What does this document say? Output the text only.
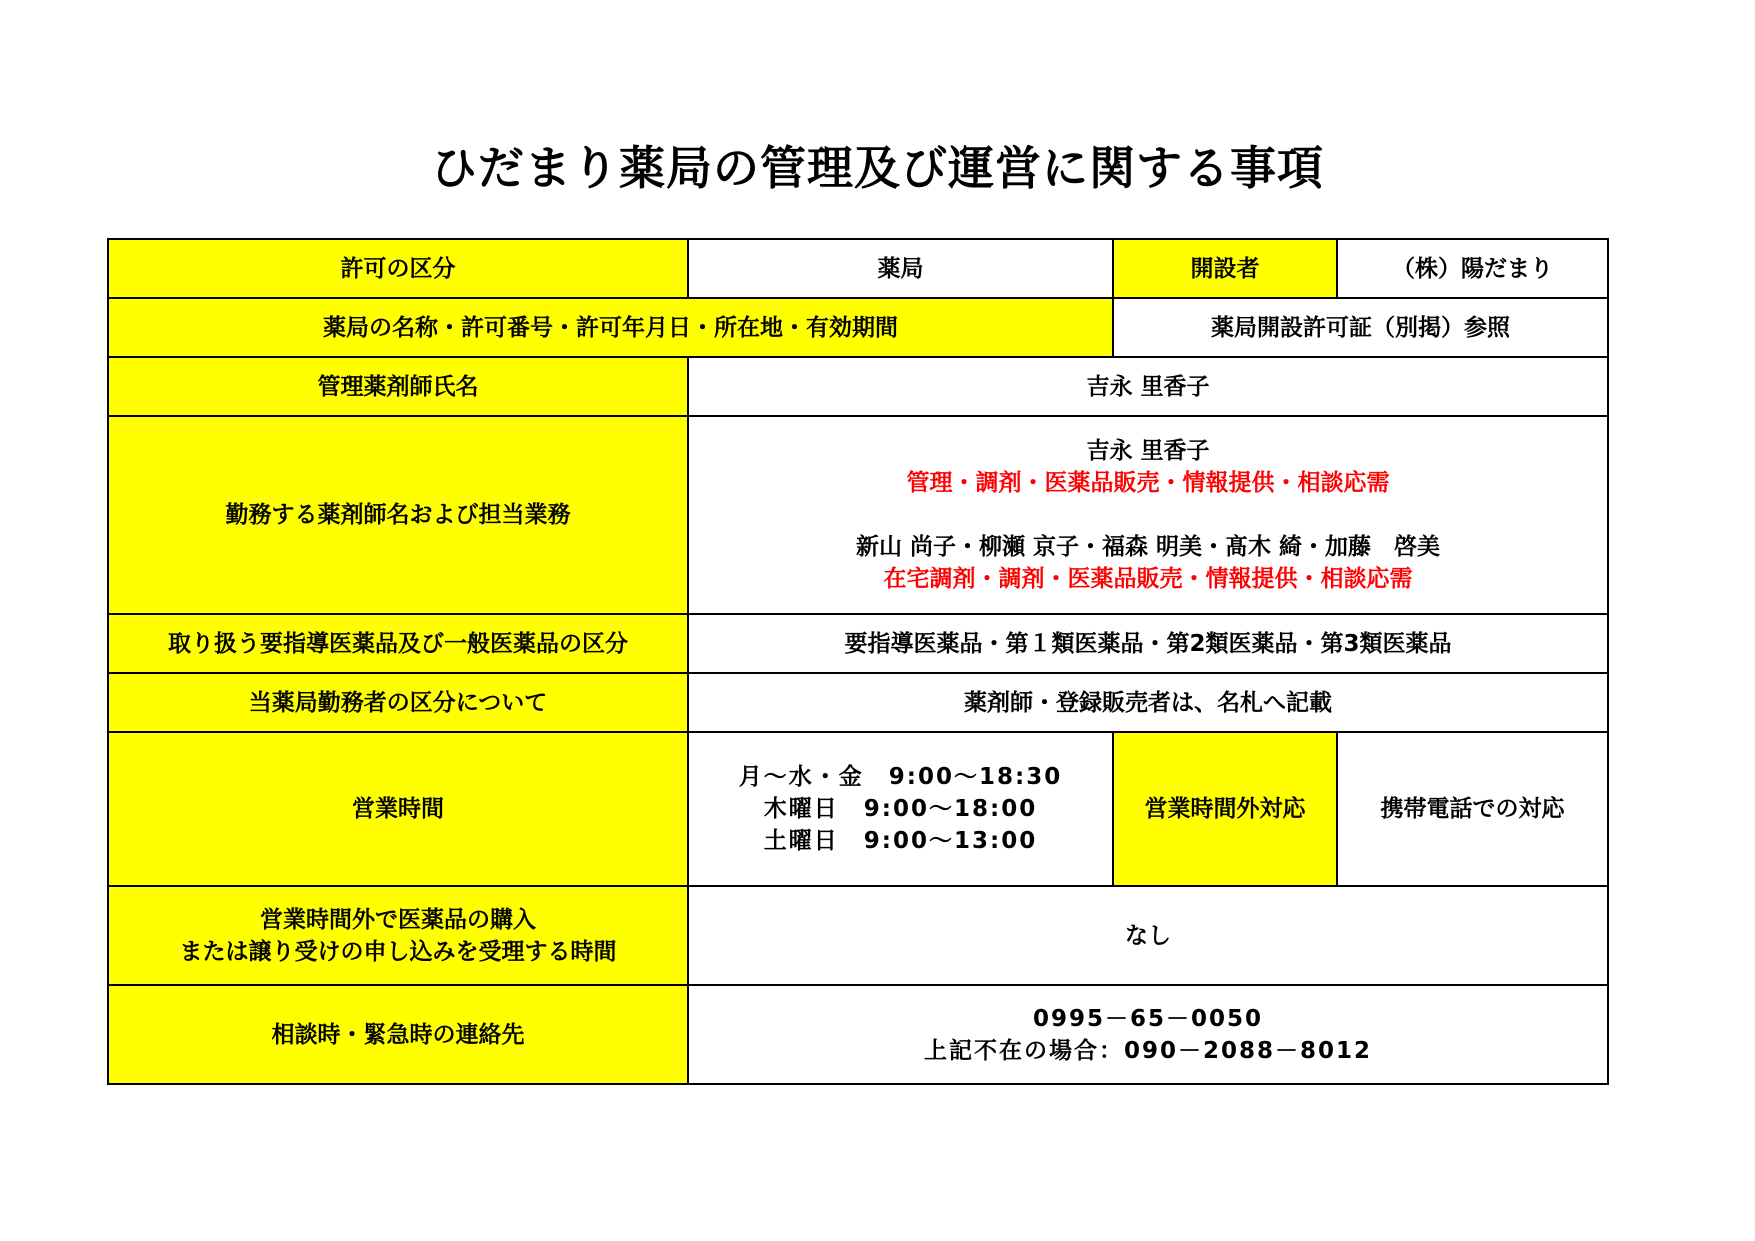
ひだまり薬局の管理及び運営に関する事項
許可の区分	薬局	開設者	（株）陽だまり
薬局の名称・許可番号・許可年月日・所在地・有効期間		薬局開設許可証（別掲）参照	
管理薬剤師氏名	吉永 里香子		
勤務する薬剤師名および担当業務	吉永 里香子
管理・調剤・医薬品販売・情報提供・相談応需
新山 尚子・柳瀬 京子・福森 明美・髙木 綺・加藤　啓美
在宅調剤・調剤・医薬品販売・情報提供・相談応需		

取り扱う要指導医薬品及び一般医薬品の区分	要指導医薬品・第１類医薬品・第2類医薬品・第3類医薬品		
当薬局勤務者の区分について	薬剤師・登録販売者は、名札へ記載		
営業時間	月～水・金　9:00～18:30
木曜日　9:00～18:00
土曜日　9:00～13:00	営業時間外対応	携帯電話での対応

営業時間外で医薬品の購入
または譲り受けの申し込みを受理する時間	なし		
相談時・緊急時の連絡先	0995－65－0050
上記不在の場合：090－2088－8012		
